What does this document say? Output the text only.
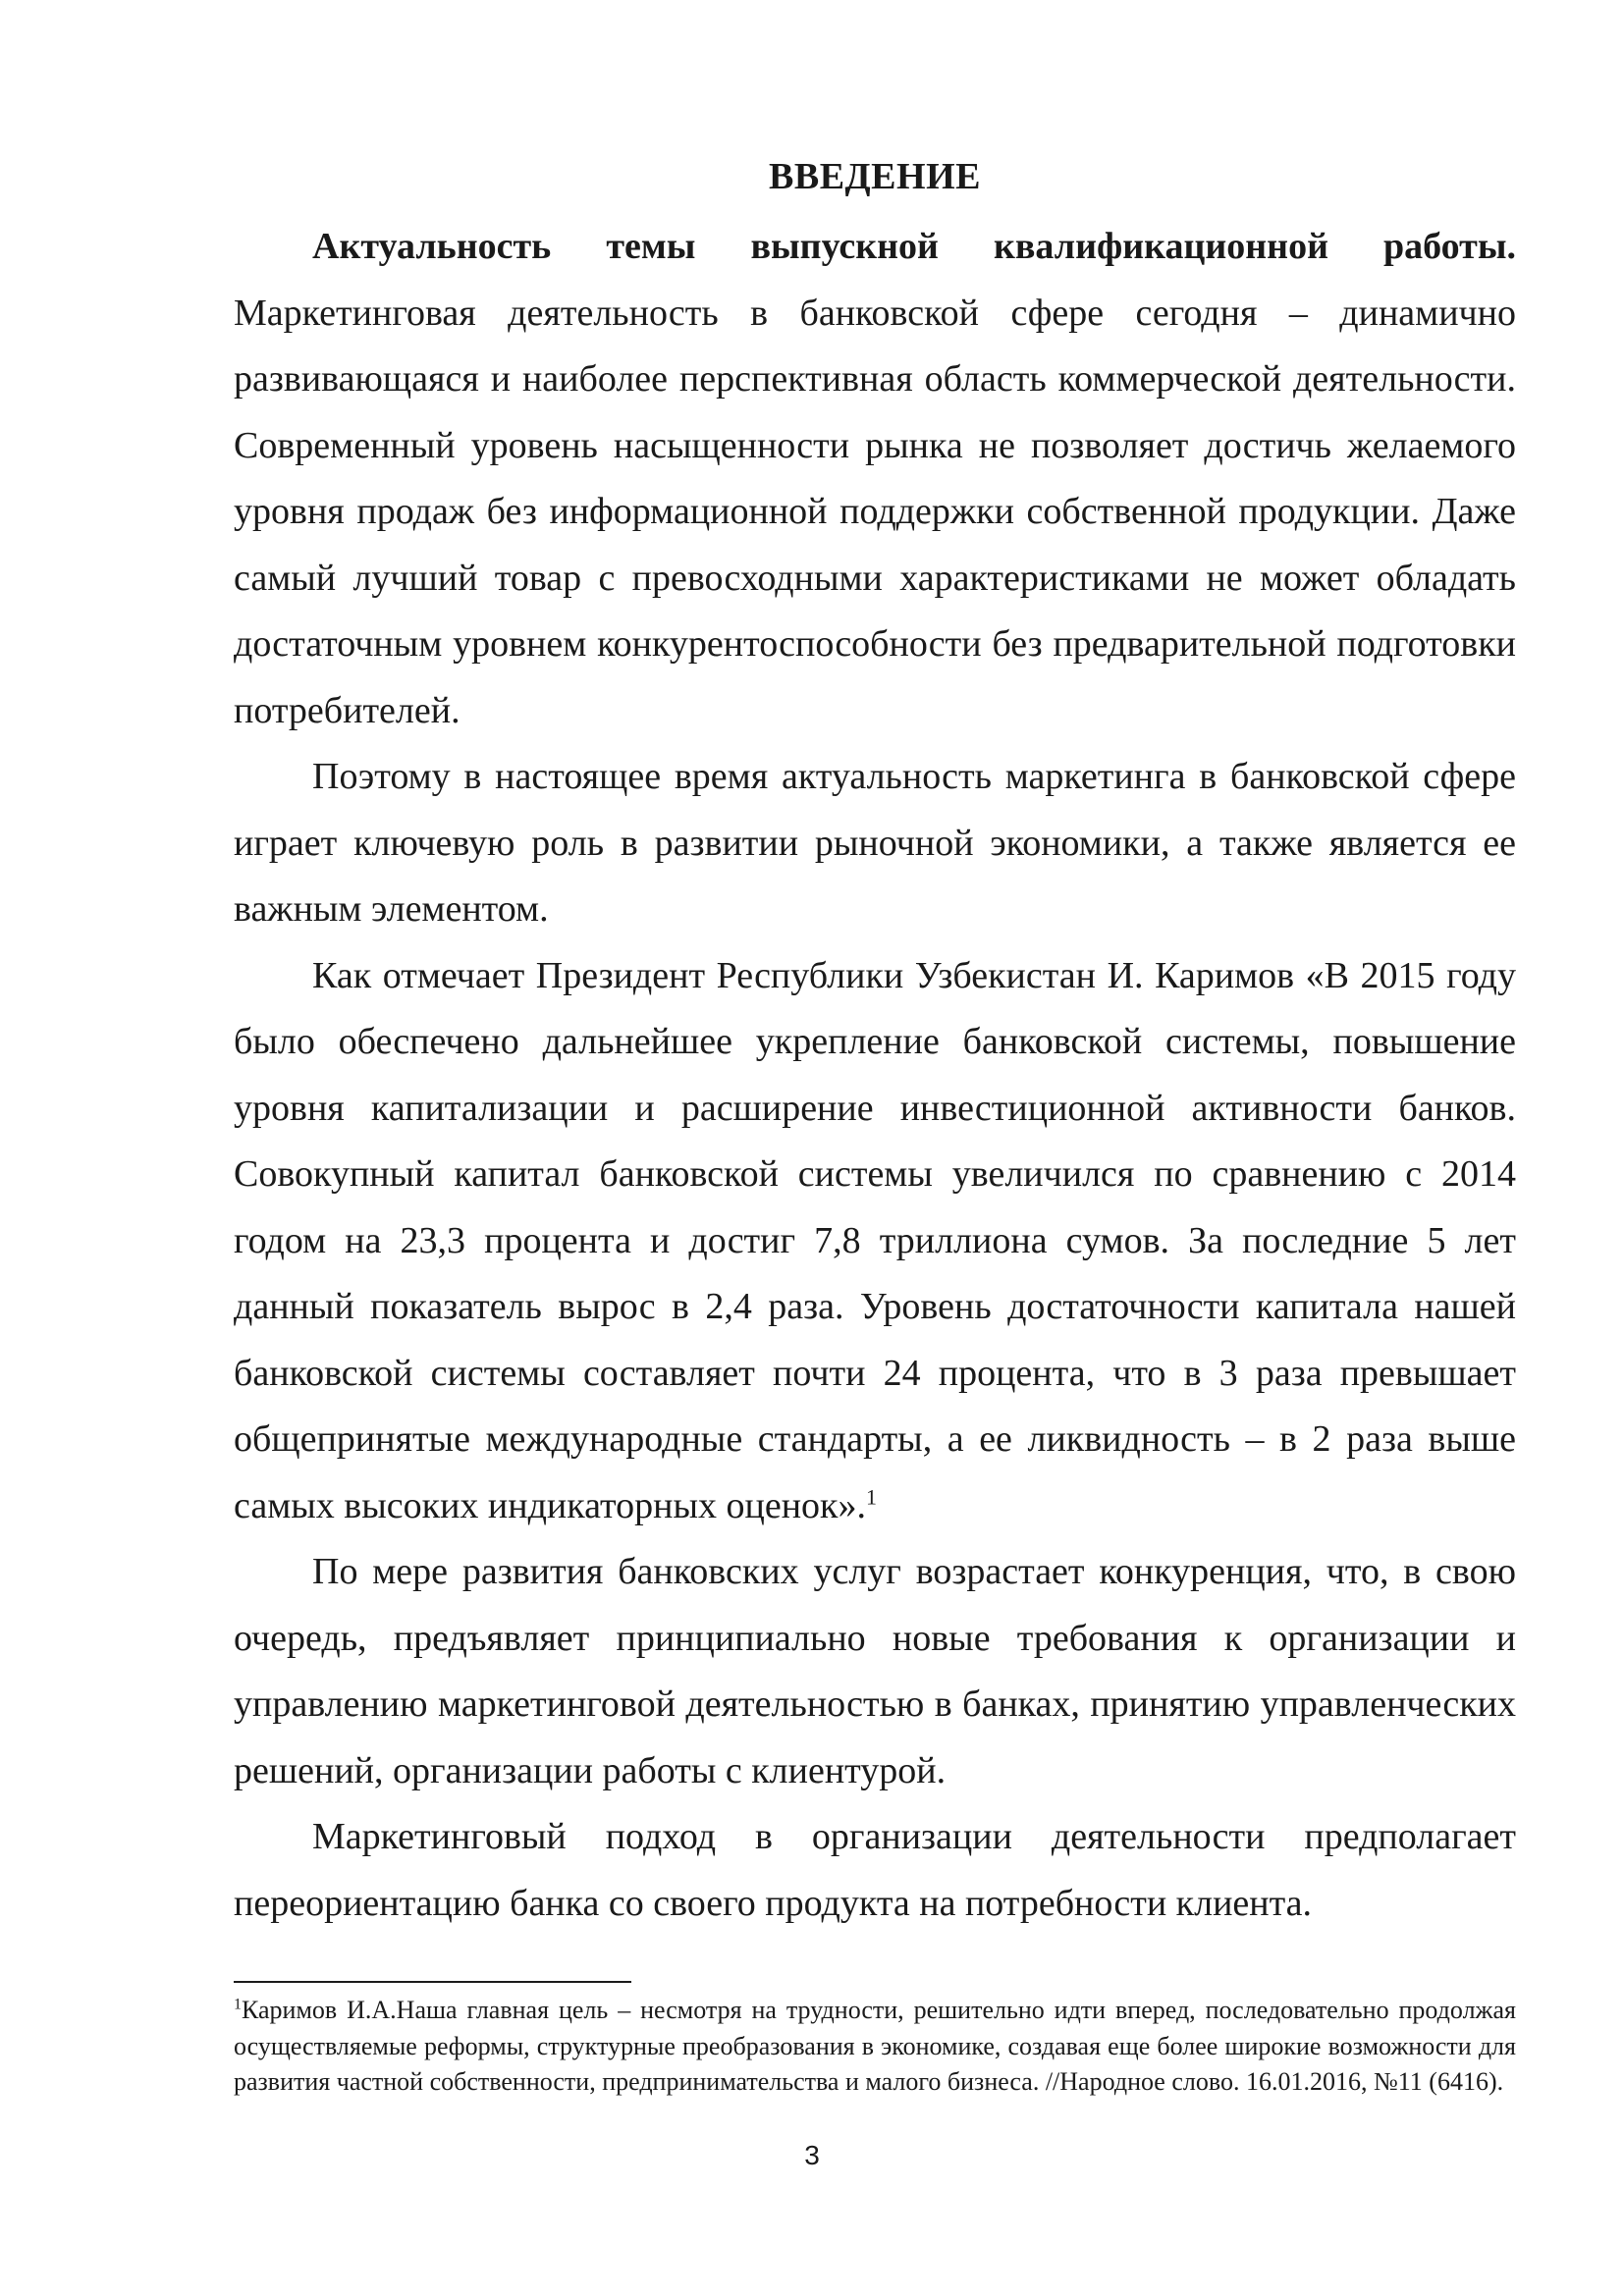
ВВЕДЕНИЕ

Актуальность темы выпускной квалификационной работы. Маркетинговая деятельность в банковской сфере сегодня – динамично развивающаяся и наиболее перспективная область коммерческой деятельности. Современный уровень насыщенности рынка не позволяет достичь желаемого уровня продаж без информационной поддержки собственной продукции. Даже самый лучший товар с превосходными характеристиками не может обладать достаточным уровнем конкурентоспособности без предварительной подготовки потребителей.

Поэтому в настоящее время актуальность маркетинга в банковской сфере играет ключевую роль в развитии рыночной экономики, а также является ее важным элементом.

Как отмечает Президент Республики Узбекистан И. Каримов «В 2015 году было обеспечено дальнейшее укрепление банковской системы, повышение уровня капитализации и расширение инвестиционной активности банков. Совокупный капитал банковской системы увеличился по сравнению с 2014 годом на 23,3 процента и достиг 7,8 триллиона сумов. За последние 5 лет данный показатель вырос в 2,4 раза. Уровень достаточности капитала нашей банковской системы составляет почти 24 процента, что в 3 раза превышает общепринятые международные стандарты, а ее ликвидность – в 2 раза выше самых высоких индикаторных оценок».$^1$

По мере развития банковских услуг возрастает конкуренция, что, в свою очередь, предъявляет принципиально новые требования к организации и управлению маркетинговой деятельностью в банках, принятию управленческих решений, организации работы с клиентурой.

Маркетинговый подход в организации деятельности предполагает переориентацию банка со своего продукта на потребности клиента.

$^1$Каримов И.А.Наша главная цель – несмотря на трудности, решительно идти вперед, последовательно продолжая осуществляемые реформы, структурные преобразования в экономике, создавая еще более широкие возможности для развития частной собственности, предпринимательства и малого бизнеса. //Народное слово. 16.01.2016, №11 (6416).

3
